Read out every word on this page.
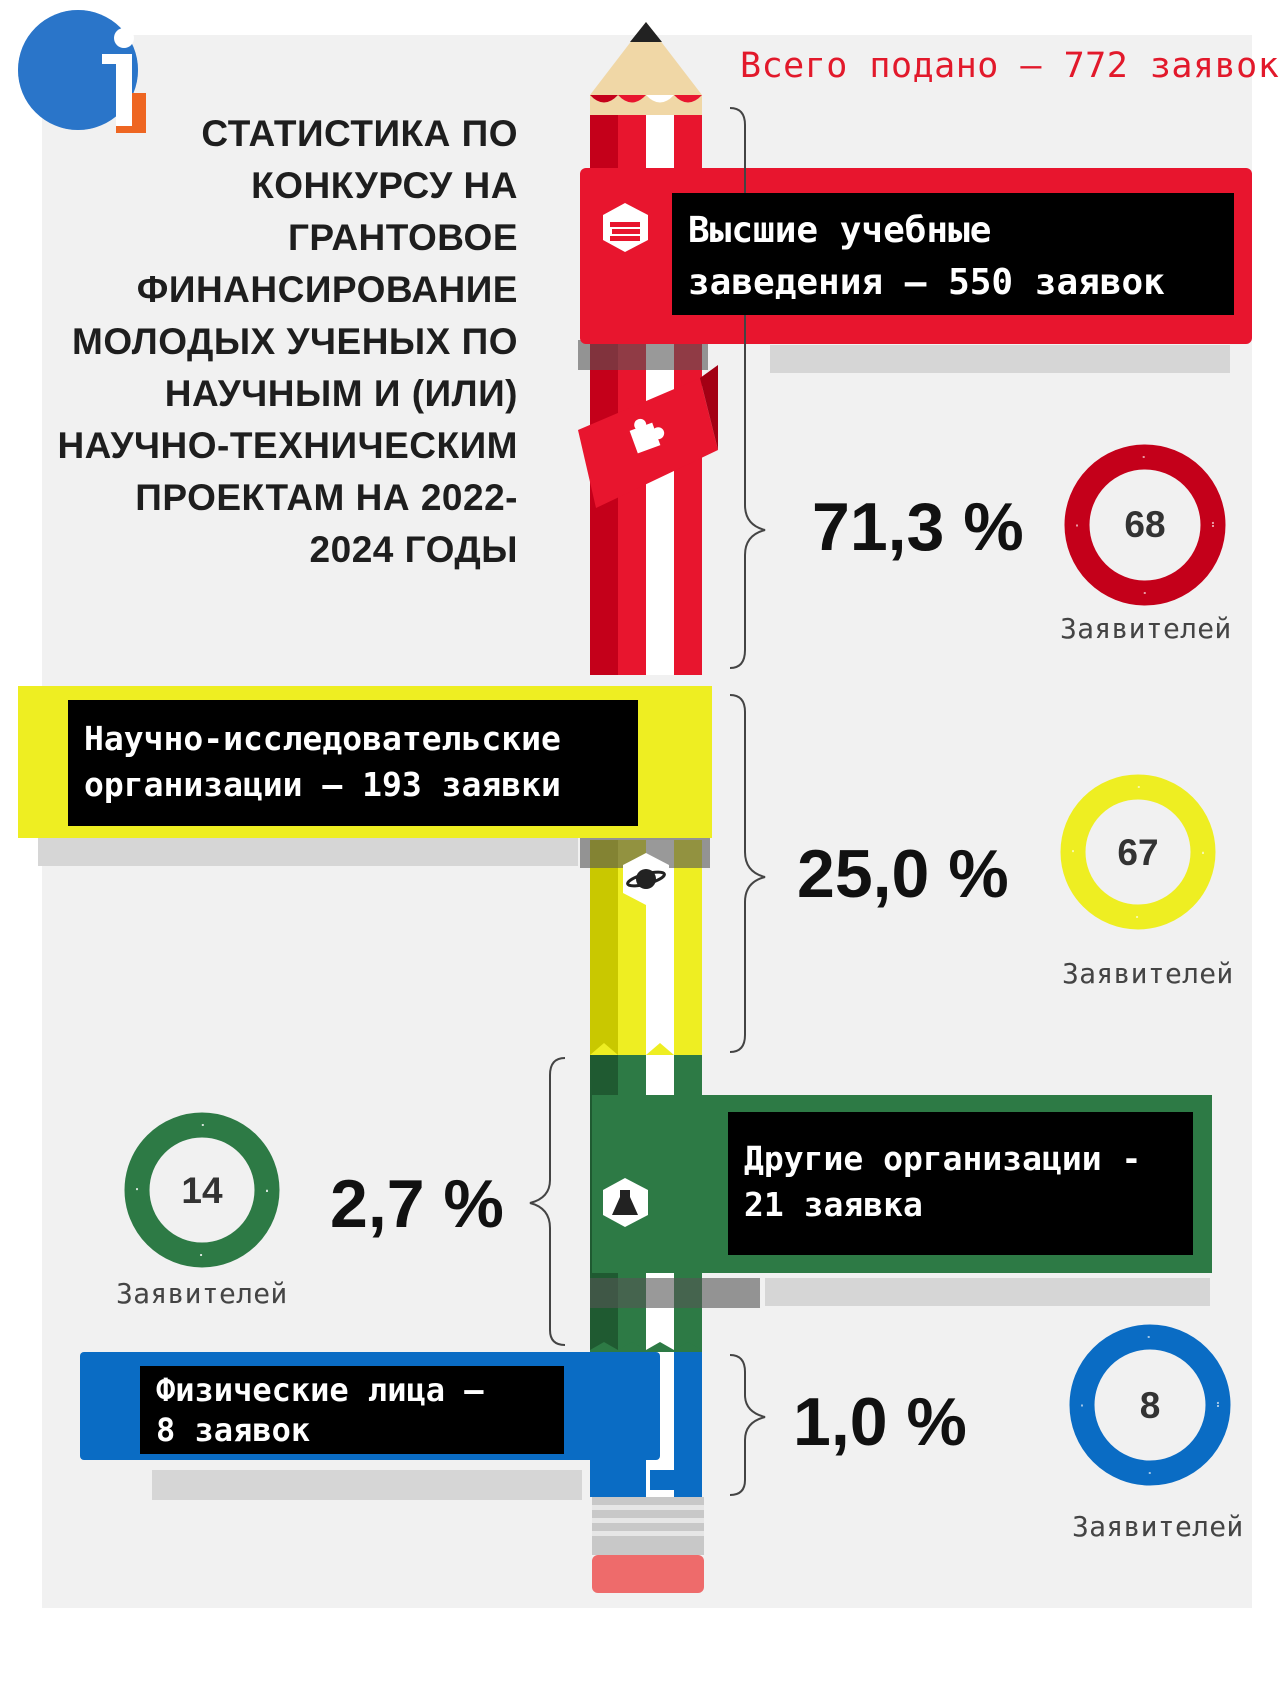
СТАТИСТИКА ПО
КОНКУРСУ НА
ГРАНТОВОЕ
ФИНАНСИРОВАНИЕ
МОЛОДЫХ УЧЕНЫХ ПО
НАУЧНЫМ И (ИЛИ)
НАУЧНО-ТЕХНИЧЕСКИМ
ПРОЕКТАМ НА 2022-
2024 ГОДЫ
Всего подано – 772 заявок
Высшие учебные
заведения – 550 заявок
71,3 %	68
Заявителей
Научно-исследовательские
организации – 193 заявки
25,0 %	67
Заявителей
Другие организации -
21 заявка
2,7 %
14
Заявителей
Физические лица –
8 заявок	1,0 %	8
Заявителей
